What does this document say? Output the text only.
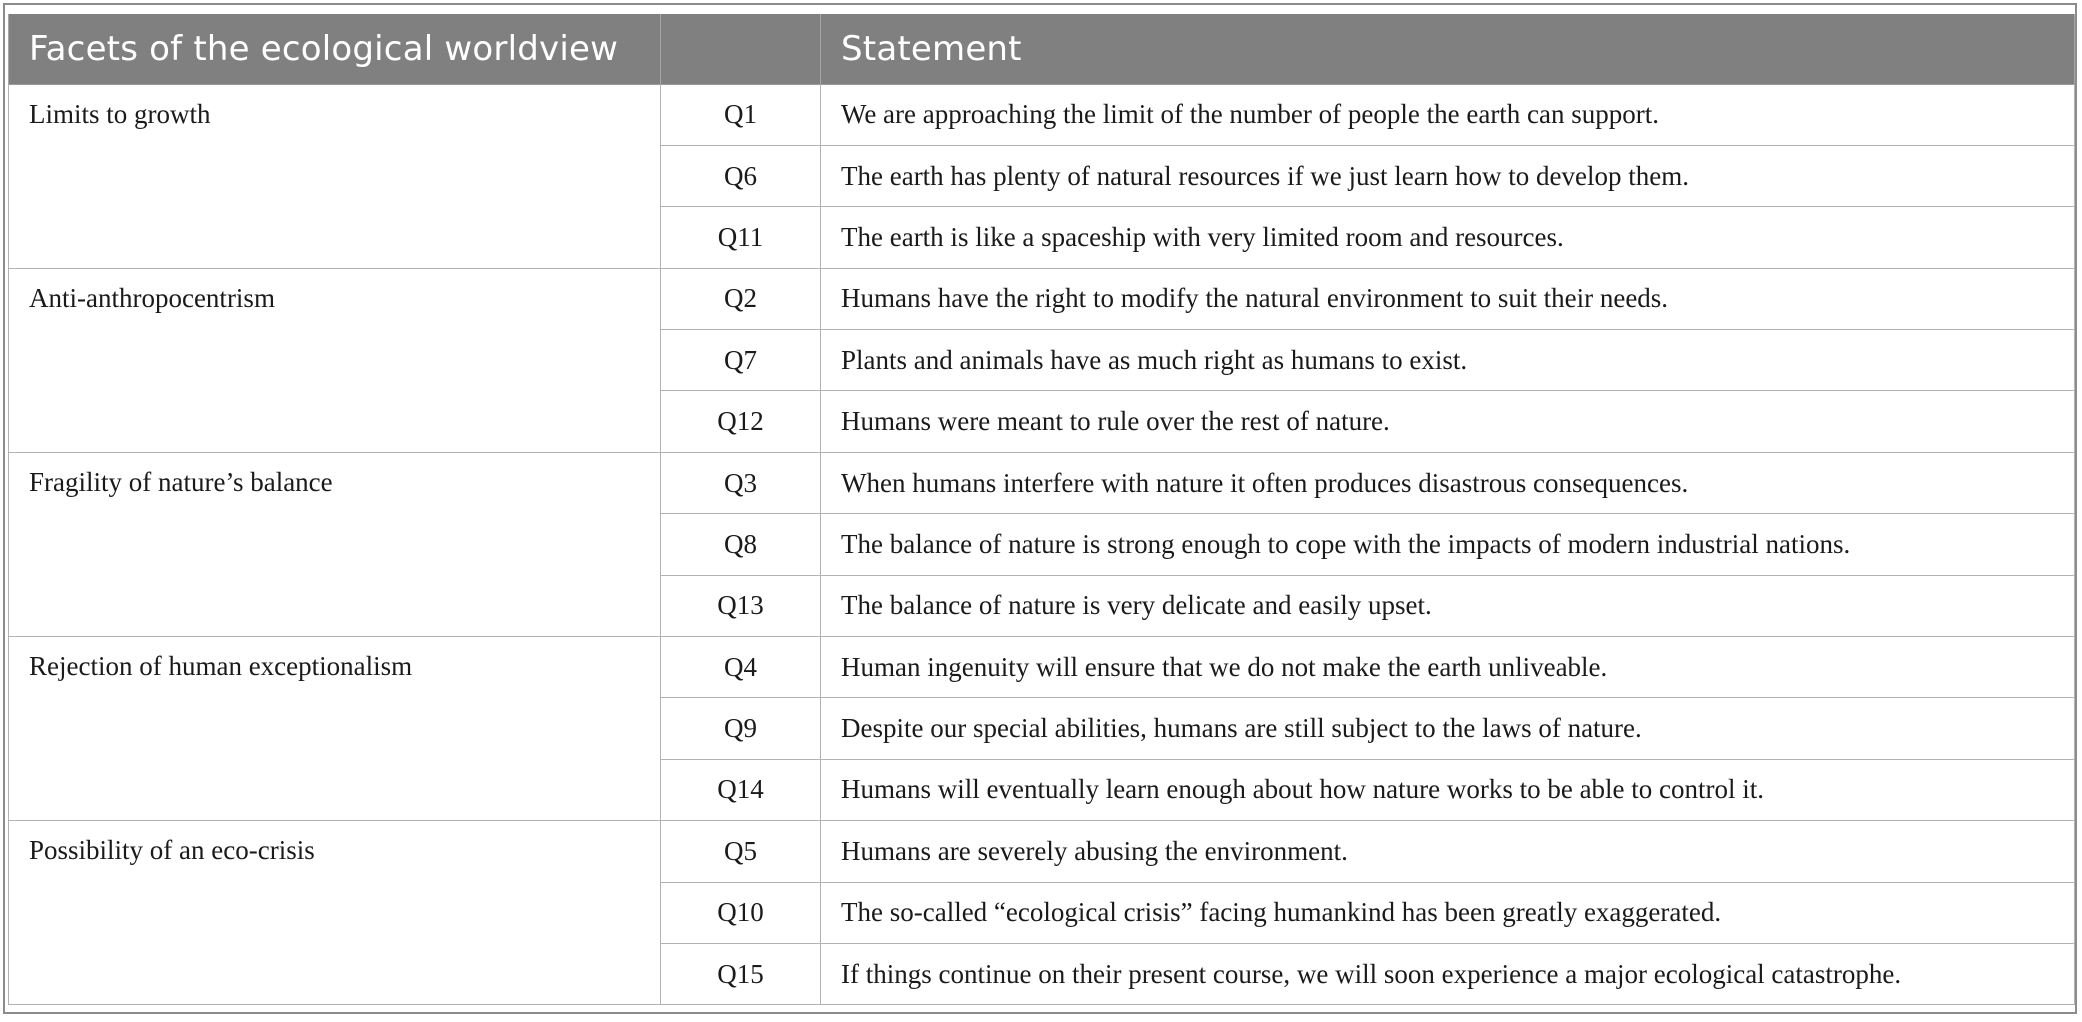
Facets of the ecological worldview		Statement
Limits to growth	Q1	We are approaching the limit of the number of people the earth can support.
	Q6	The earth has plenty of natural resources if we just learn how to develop them.
	Q11	The earth is like a spaceship with very limited room and resources.
Anti-anthropocentrism	Q2	Humans have the right to modify the natural environment to suit their needs.
	Q7	Plants and animals have as much right as humans to exist.
	Q12	Humans were meant to rule over the rest of nature.
Fragility of nature’s balance	Q3	When humans interfere with nature it often produces disastrous consequences.
	Q8	The balance of nature is strong enough to cope with the impacts of modern industrial nations.
	Q13	The balance of nature is very delicate and easily upset.
Rejection of human exceptionalism	Q4	Human ingenuity will ensure that we do not make the earth unliveable.
	Q9	Despite our special abilities, humans are still subject to the laws of nature.
	Q14	Humans will eventually learn enough about how nature works to be able to control it.
Possibility of an eco-crisis	Q5	Humans are severely abusing the environment.
	Q10	The so-called “ecological crisis” facing humankind has been greatly exaggerated.
	Q15	If things continue on their present course, we will soon experience a major ecological catastrophe.
